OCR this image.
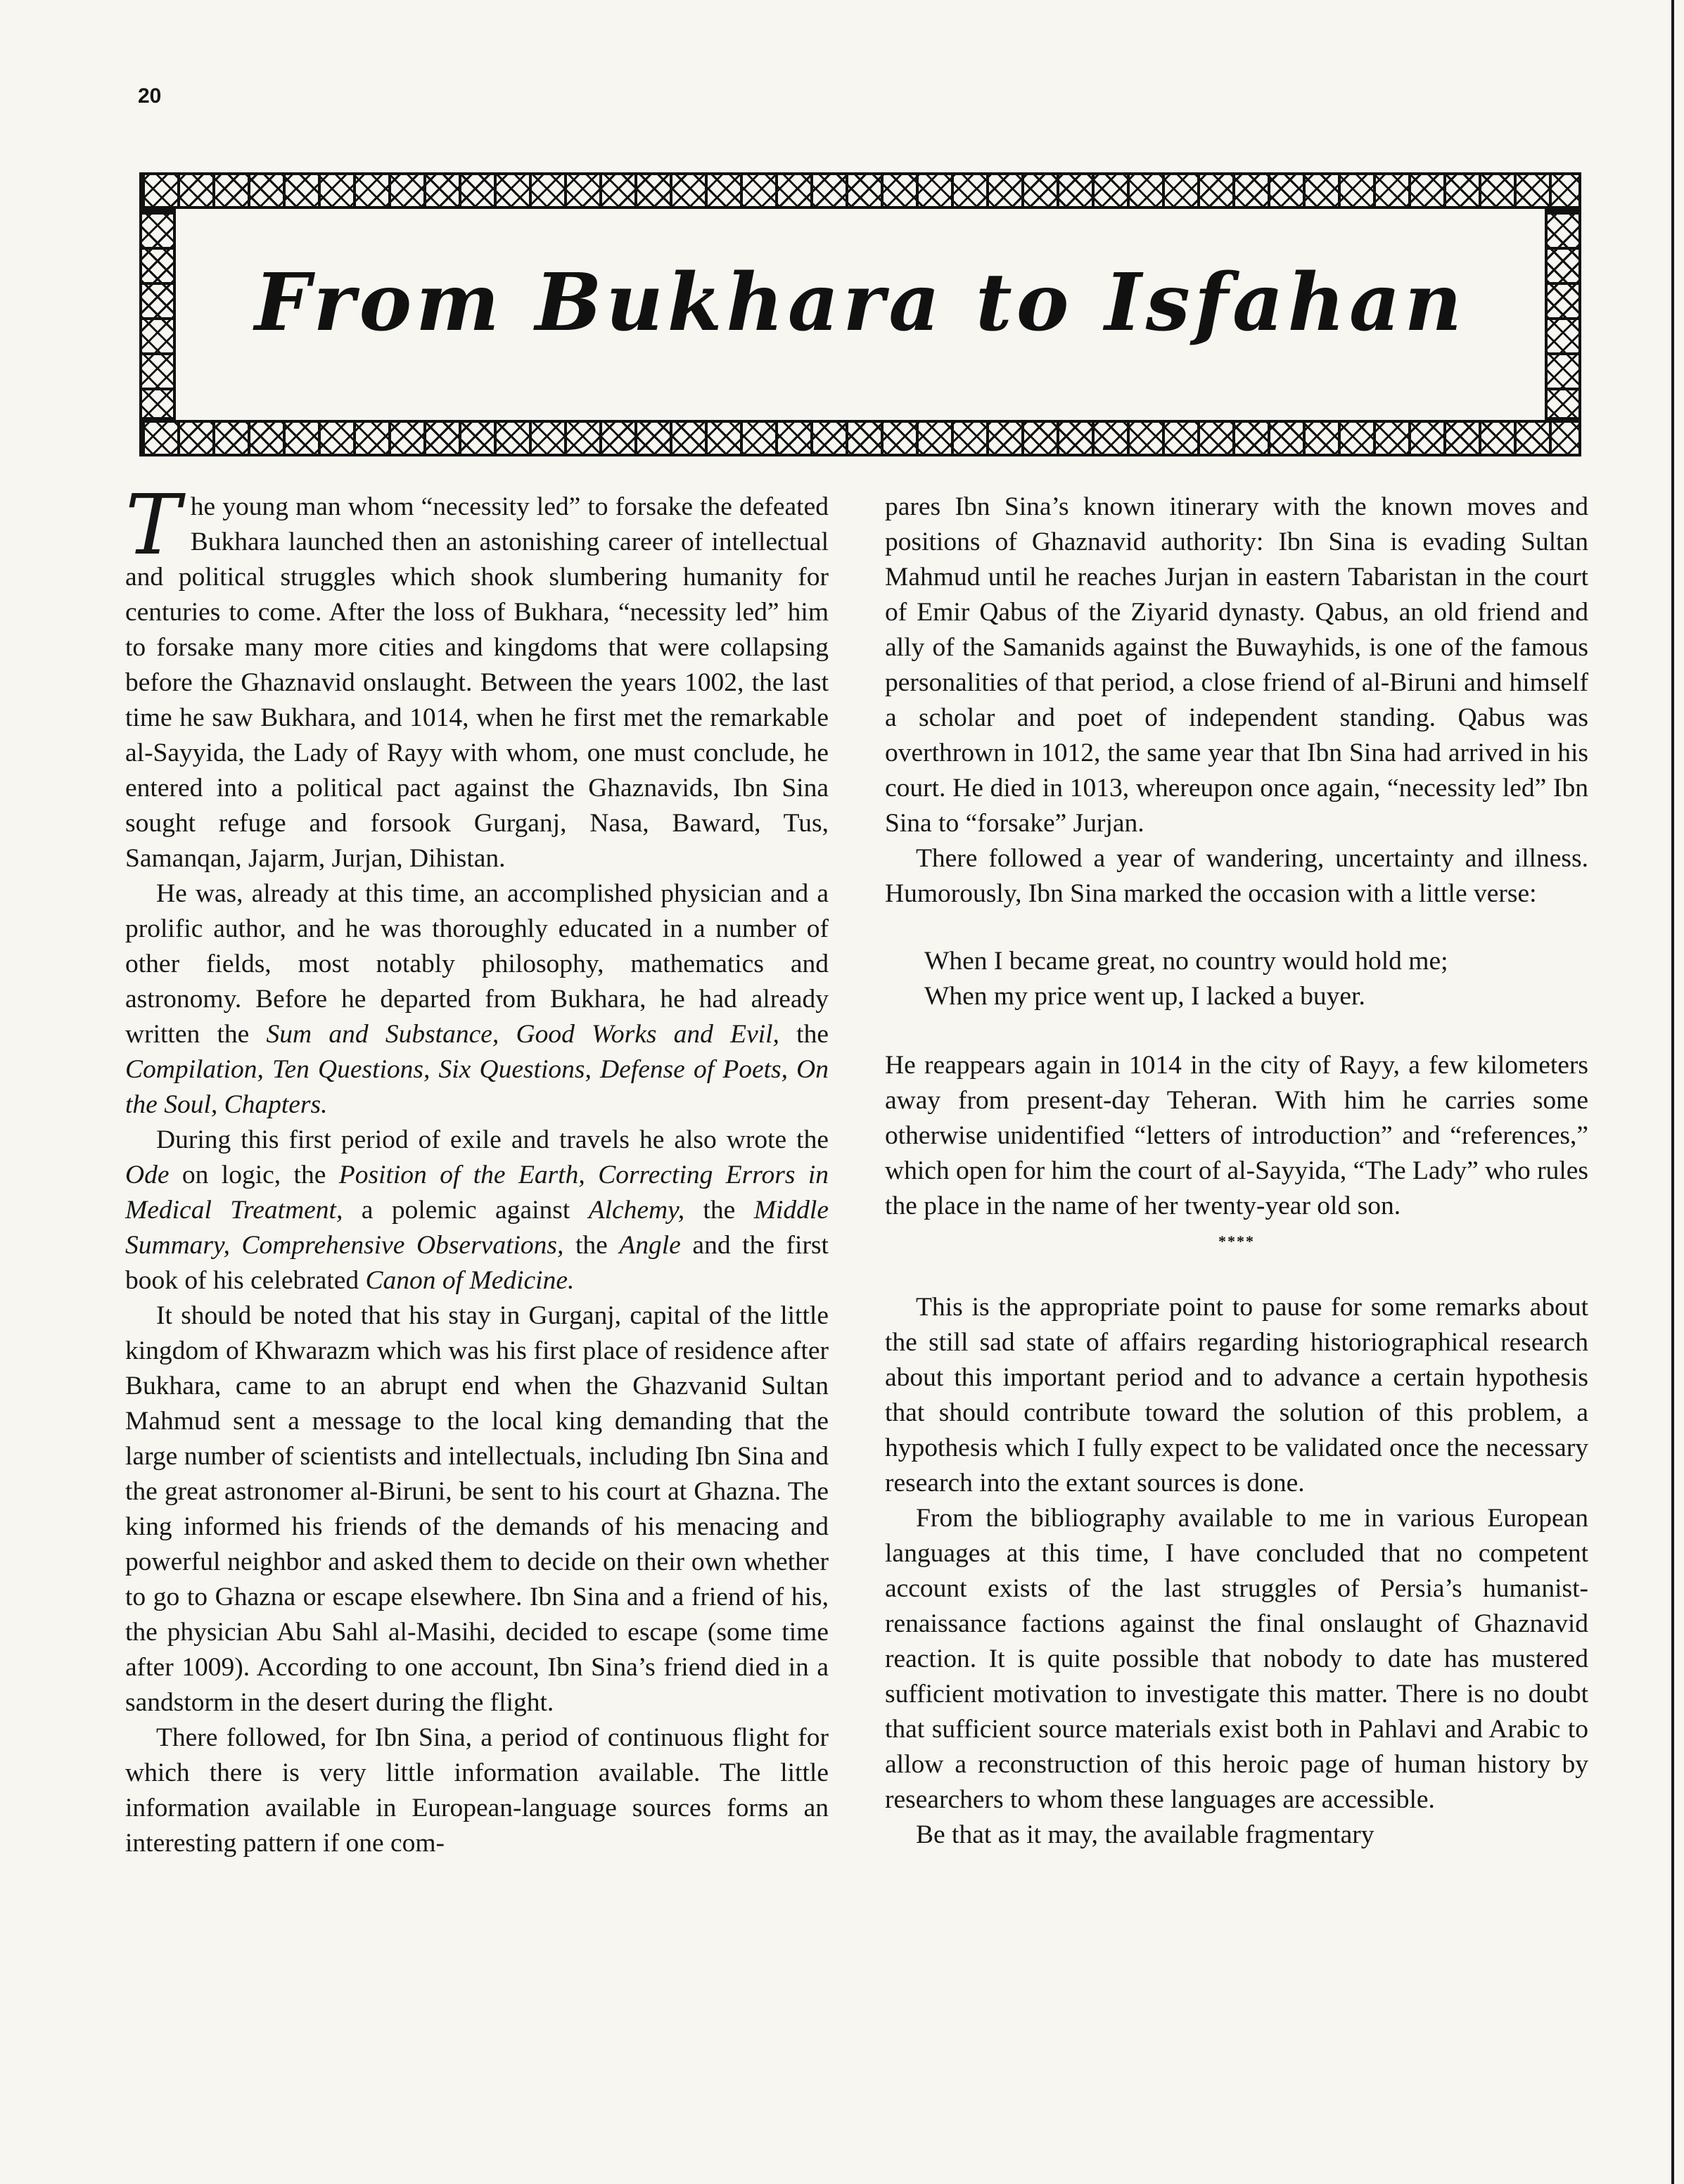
20
From Bukhara to Isfahan

The young man whom “necessity led” to forsake the defeated Bukhara launched then an astonishing career of intellectual and political struggles which shook slumbering humanity for centuries to come. After the loss of Bukhara, “necessity led” him to forsake many more cities and kingdoms that were collapsing before the Ghaznavid onslaught. Between the years 1002, the last time he saw Bukhara, and 1014, when he first met the remarkable al-Sayyida, the Lady of Rayy with whom, one must conclude, he entered into a political pact against the Ghaznavids, Ibn Sina sought refuge and forsook Gurganj, Nasa, Baward, Tus, Samanqan, Jajarm, Jurjan, Dihistan.

He was, already at this time, an accomplished physician and a prolific author, and he was thoroughly educated in a number of other fields, most notably philosophy, mathematics and astronomy. Before he departed from Bukhara, he had already written the Sum and Substance, Good Works and Evil, the Compilation, Ten Questions, Six Questions, Defense of Poets, On the Soul, Chapters.

During this first period of exile and travels he also wrote the Ode on logic, the Position of the Earth, Correcting Errors in Medical Treatment, a polemic against Alchemy, the Middle Summary, Comprehensive Observations, the Angle and the first book of his celebrated Canon of Medicine.

It should be noted that his stay in Gurganj, capital of the little kingdom of Khwarazm which was his first place of residence after Bukhara, came to an abrupt end when the Ghazvanid Sultan Mahmud sent a message to the local king demanding that the large number of scientists and intellectuals, including Ibn Sina and the great astronomer al-Biruni, be sent to his court at Ghazna. The king informed his friends of the demands of his menacing and powerful neighbor and asked them to decide on their own whether to go to Ghazna or escape elsewhere. Ibn Sina and a friend of his, the physician Abu Sahl al-Masihi, decided to escape (some time after 1009). According to one account, Ibn Sina’s friend died in a sandstorm in the desert during the flight.

There followed, for Ibn Sina, a period of continuous flight for which there is very little information available. The little information available in European-language sources forms an interesting pattern if one com-

pares Ibn Sina’s known itinerary with the known moves and positions of Ghaznavid authority: Ibn Sina is evading Sultan Mahmud until he reaches Jurjan in eastern Tabaristan in the court of Emir Qabus of the Ziyarid dynasty. Qabus, an old friend and ally of the Samanids against the Buwayhids, is one of the famous personalities of that period, a close friend of al-Biruni and himself a scholar and poet of independent standing. Qabus was overthrown in 1012, the same year that Ibn Sina had arrived in his court. He died in 1013, whereupon once again, “necessity led” Ibn Sina to “forsake” Jurjan.

There followed a year of wandering, uncertainty and illness. Humorously, Ibn Sina marked the occasion with a little verse:

When I became great, no country would hold me;
When my price went up, I lacked a buyer.

He reappears again in 1014 in the city of Rayy, a few kilometers away from present-day Teheran. With him he carries some otherwise unidentified “letters of introduction” and “references,” which open for him the court of al-Sayyida, “The Lady” who rules the place in the name of her twenty-year old son.

****

This is the appropriate point to pause for some remarks about the still sad state of affairs regarding historiographical research about this important period and to advance a certain hypothesis that should contribute toward the solution of this problem, a hypothesis which I fully expect to be validated once the necessary research into the extant sources is done.

From the bibliography available to me in various European languages at this time, I have concluded that no competent account exists of the last struggles of Persia’s humanist-renaissance factions against the final onslaught of Ghaznavid reaction. It is quite possible that nobody to date has mustered sufficient motivation to investigate this matter. There is no doubt that sufficient source materials exist both in Pahlavi and Arabic to allow a reconstruction of this heroic page of human history by researchers to whom these languages are accessible.

Be that as it may, the available fragmentary
